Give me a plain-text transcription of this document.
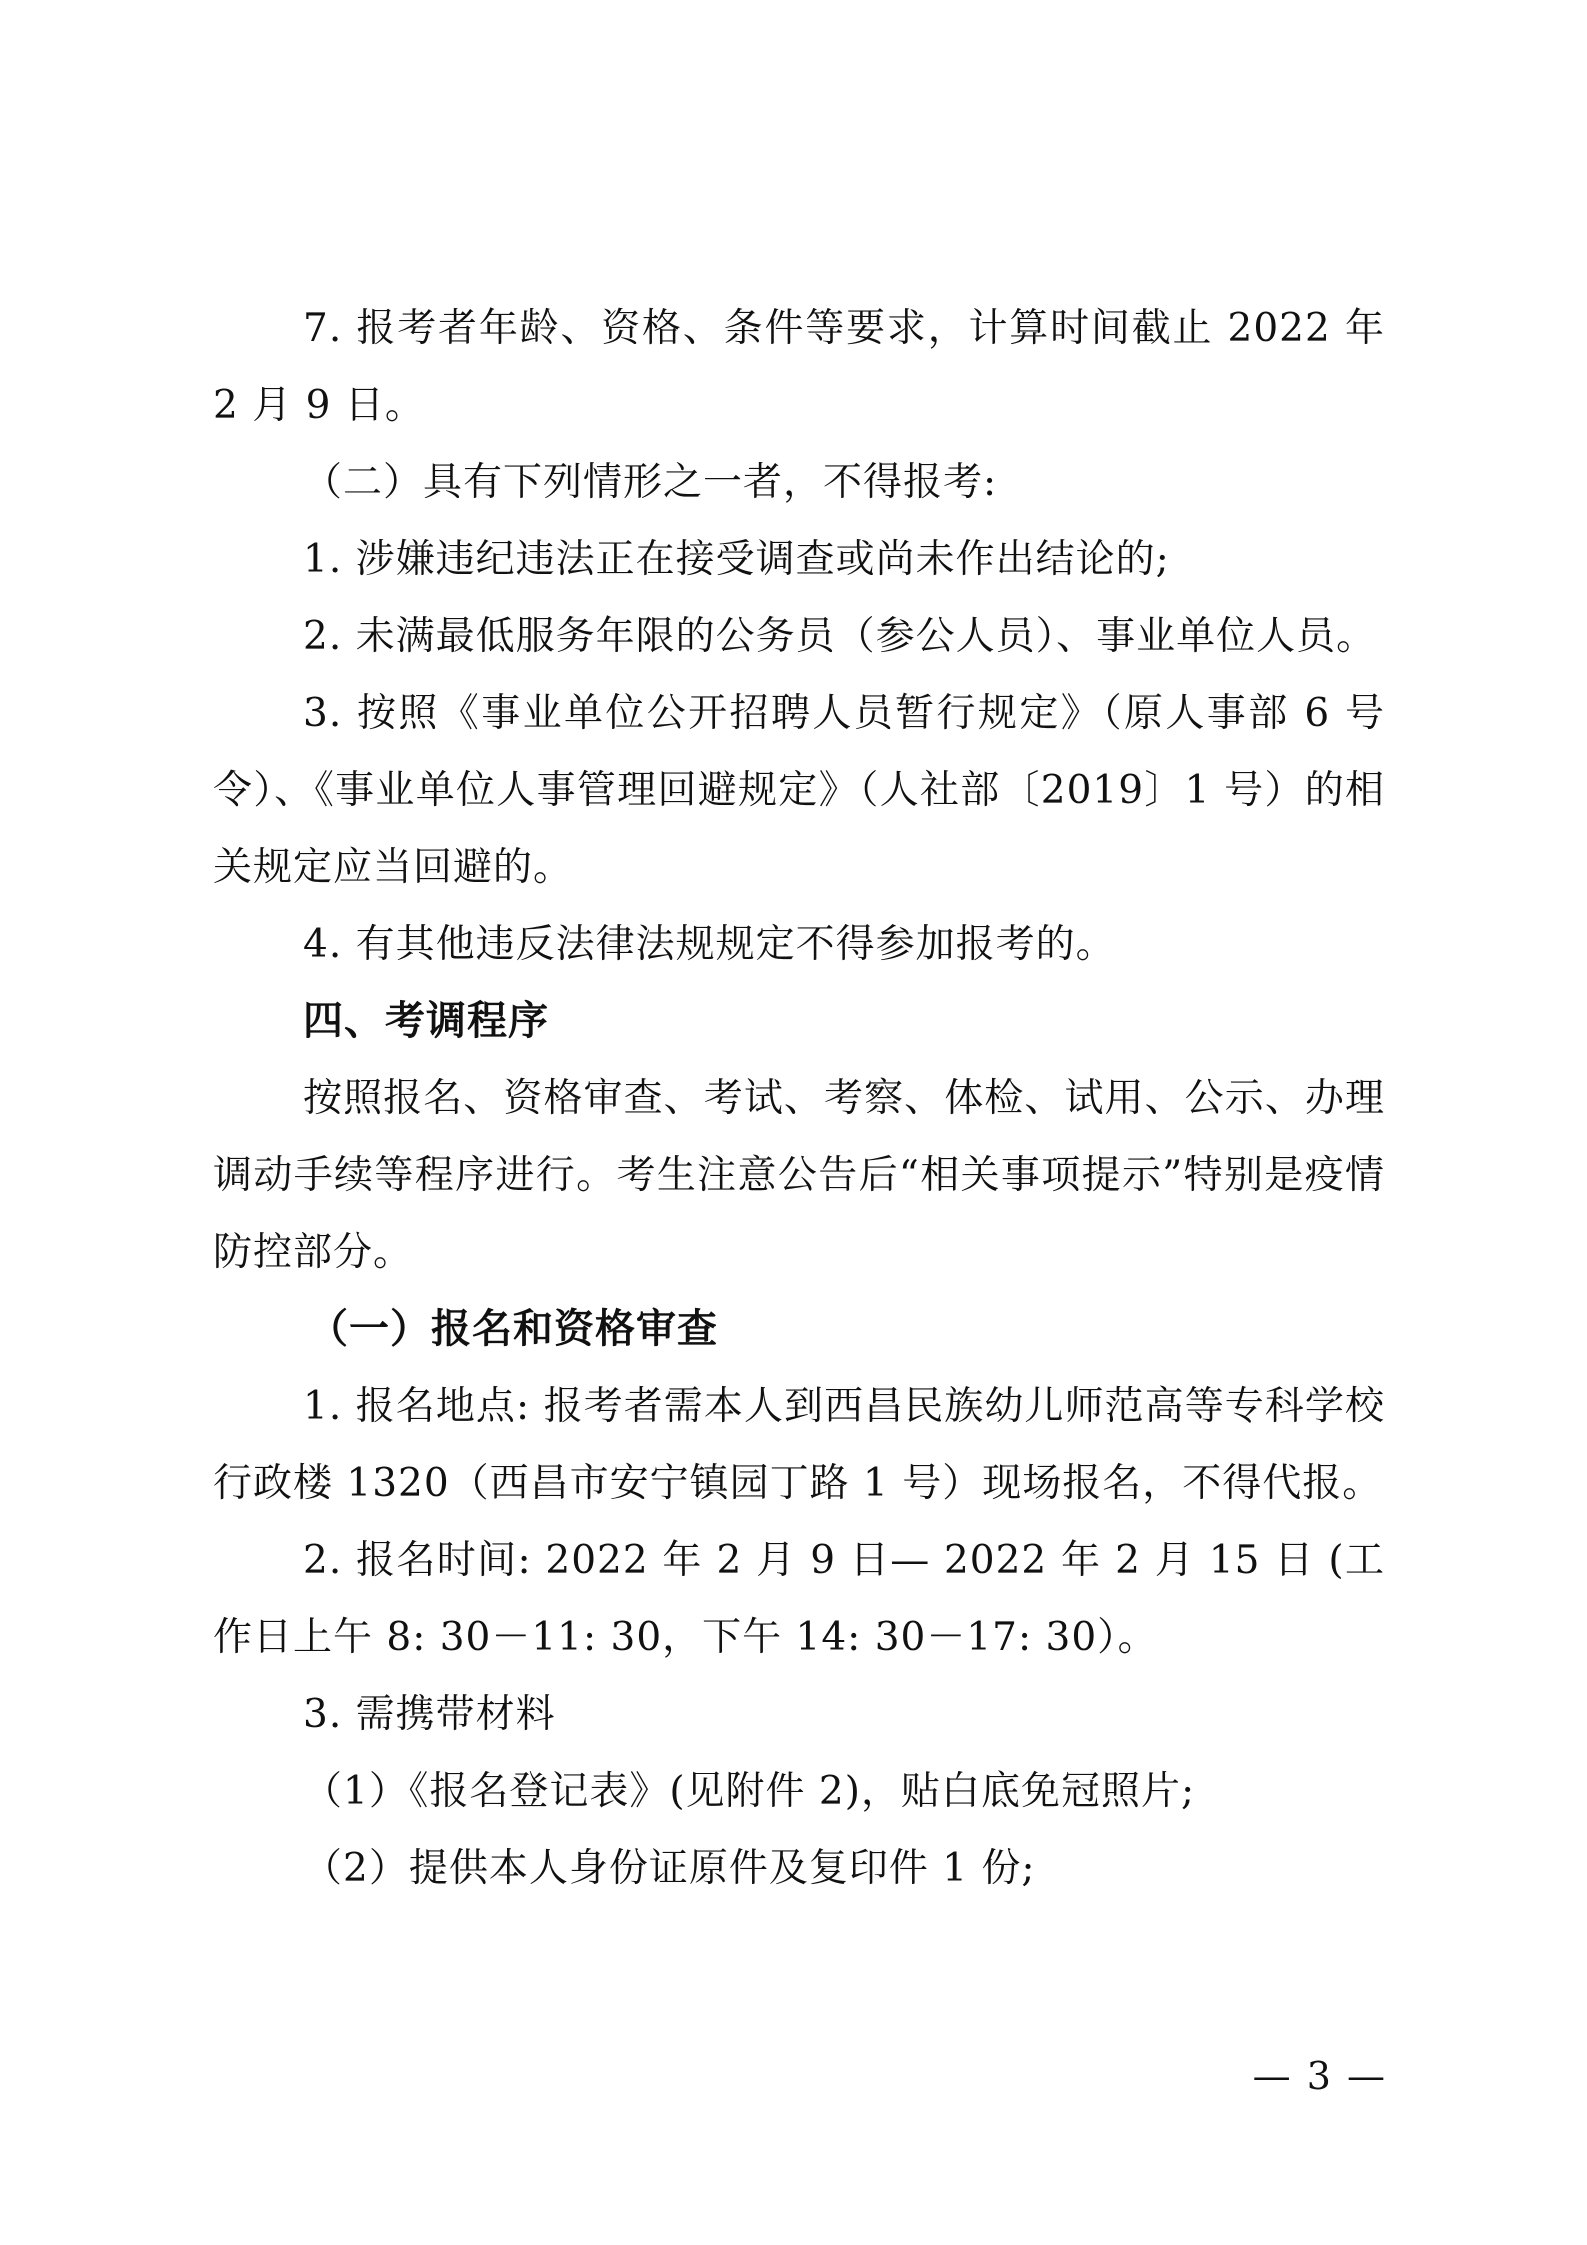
7. 报考者年龄、资格、条件等要求，计算时间截止 2022 年 2 月 9 日。

（二）具有下列情形之一者，不得报考:

1. 涉嫌违纪违法正在接受调查或尚未作出结论的;

2. 未满最低服务年限的公务员（参公人员）、事业单位人员。

3. 按照《事业单位公开招聘人员暂行规定》（原人事部 6 号令）、《事业单位人事管理回避规定》（人社部〔2019〕1 号）的相关规定应当回避的。

4. 有其他违反法律法规规定不得参加报考的。

四、考调程序

按照报名、资格审查、考试、考察、体检、试用、公示、办理调动手续等程序进行。考生注意公告后“相关事项提示”特别是疫情防控部分。

（一）报名和资格审查

1. 报名地点: 报考者需本人到西昌民族幼儿师范高等专科学校行政楼 1320（西昌市安宁镇园丁路 1 号）现场报名，不得代报。

2. 报名时间: 2022 年 2 月 9 日— 2022 年 2 月 15 日 (工作日上午 8: 30－11: 30，下午 14: 30－17: 30）。

3. 需携带材料

（1）《报名登记表》(见附件 2)，贴白底免冠照片;

（2）提供本人身份证原件及复印件 1 份;

— 3 —
